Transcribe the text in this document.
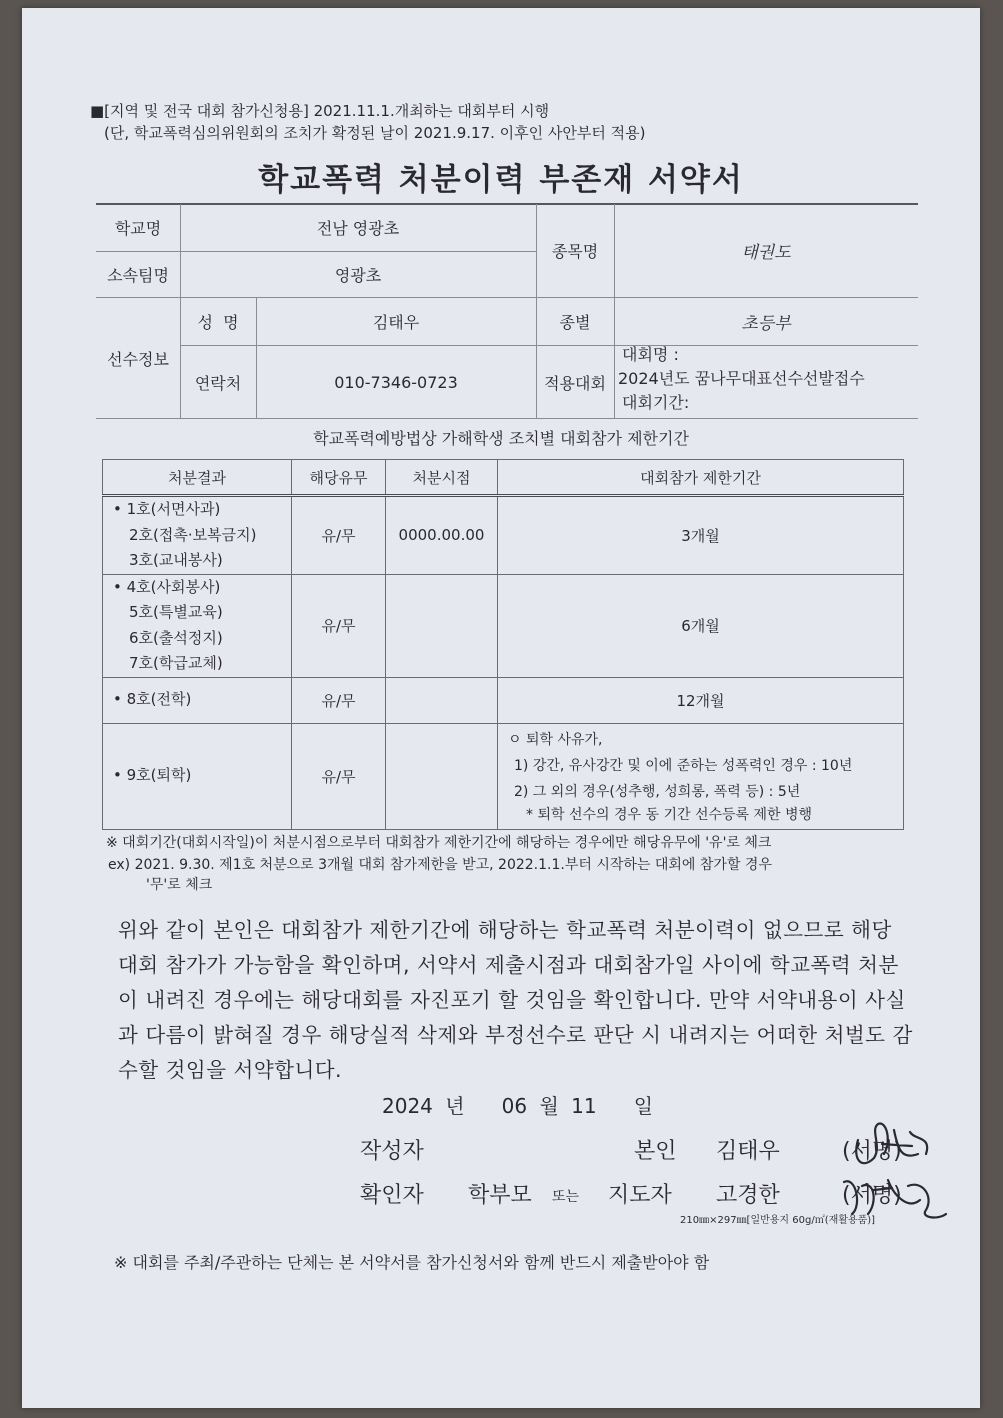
■[지역 및 전국 대회 참가신청용] 2021.11.1.개최하는 대회부터 시행
(단, 학교폭력심의위원회의 조치가 확정된 날이 2021.9.17. 이후인 사안부터 적용)
학교폭력 처분이력 부존재 서약서
학교명	전남 영광초
소속팀명	영광초
종목명	태권도
선수정보
성  명	김태우	종별	초등부
연락처	010-7346-0723	적용대회
대회명 :
2024년도 꿈나무대표선수선발접수
대회기간:
학교폭력예방법상 가해학생 조치별 대회참가 제한기간
처분결과	해당유무	처분시점	대회참가 제한기간

• 1호(서면사과)
2호(접촉·보복금지)
3호(교내봉사)	유/무	0000.00.00	3개월

• 4호(사회봉사)
5호(특별교육)
6호(출석정지)
7호(학급교체)	유/무		6개월

• 8호(전학)	유/무		12개월

• 9호(퇴학)	유/무		ㅇ 퇴학 사유가,
1) 강간, 유사강간 및 이에 준하는 성폭력인 경우 : 10년
2) 그 외의 경우(성추행, 성희롱, 폭력 등) : 5년
* 퇴학 선수의 경우 동 기간 선수등록 제한 병행
※ 대회기간(대회시작일)이 처분시점으로부터 대회참가 제한기간에 해당하는 경우에만 해당유무에 '유'로 체크
ex) 2021. 9.30. 제1호 처분으로 3개월 대회 참가제한을 받고, 2022.1.1.부터 시작하는 대회에 참가할 경우
'무'로 체크
위와 같이 본인은 대회참가 제한기간에 해당하는 학교폭력 처분이력이 없으므로 해당 대회 참가가 가능함을 확인하며, 서약서 제출시점과 대회참가일 사이에 학교폭력 처분이 내려진 경우에는 해당대회를 자진포기 할 것임을 확인합니다. 만약 서약내용이 사실과 다름이 밝혀질 경우 해당실적 삭제와 부정선수로 판단 시 내려지는 어떠한 처벌도 감수할 것임을 서약합니다.
2024 년 06 월 11 일
작성자	본인 김태우	(서명)
확인자 학부모 또는 지도자 고경한	(서명)
210㎜×297㎜[일반용지 60g/㎡(재활용품)]
※ 대회를 주최/주관하는 단체는 본 서약서를 참가신청서와 함께 반드시 제출받아야 함
